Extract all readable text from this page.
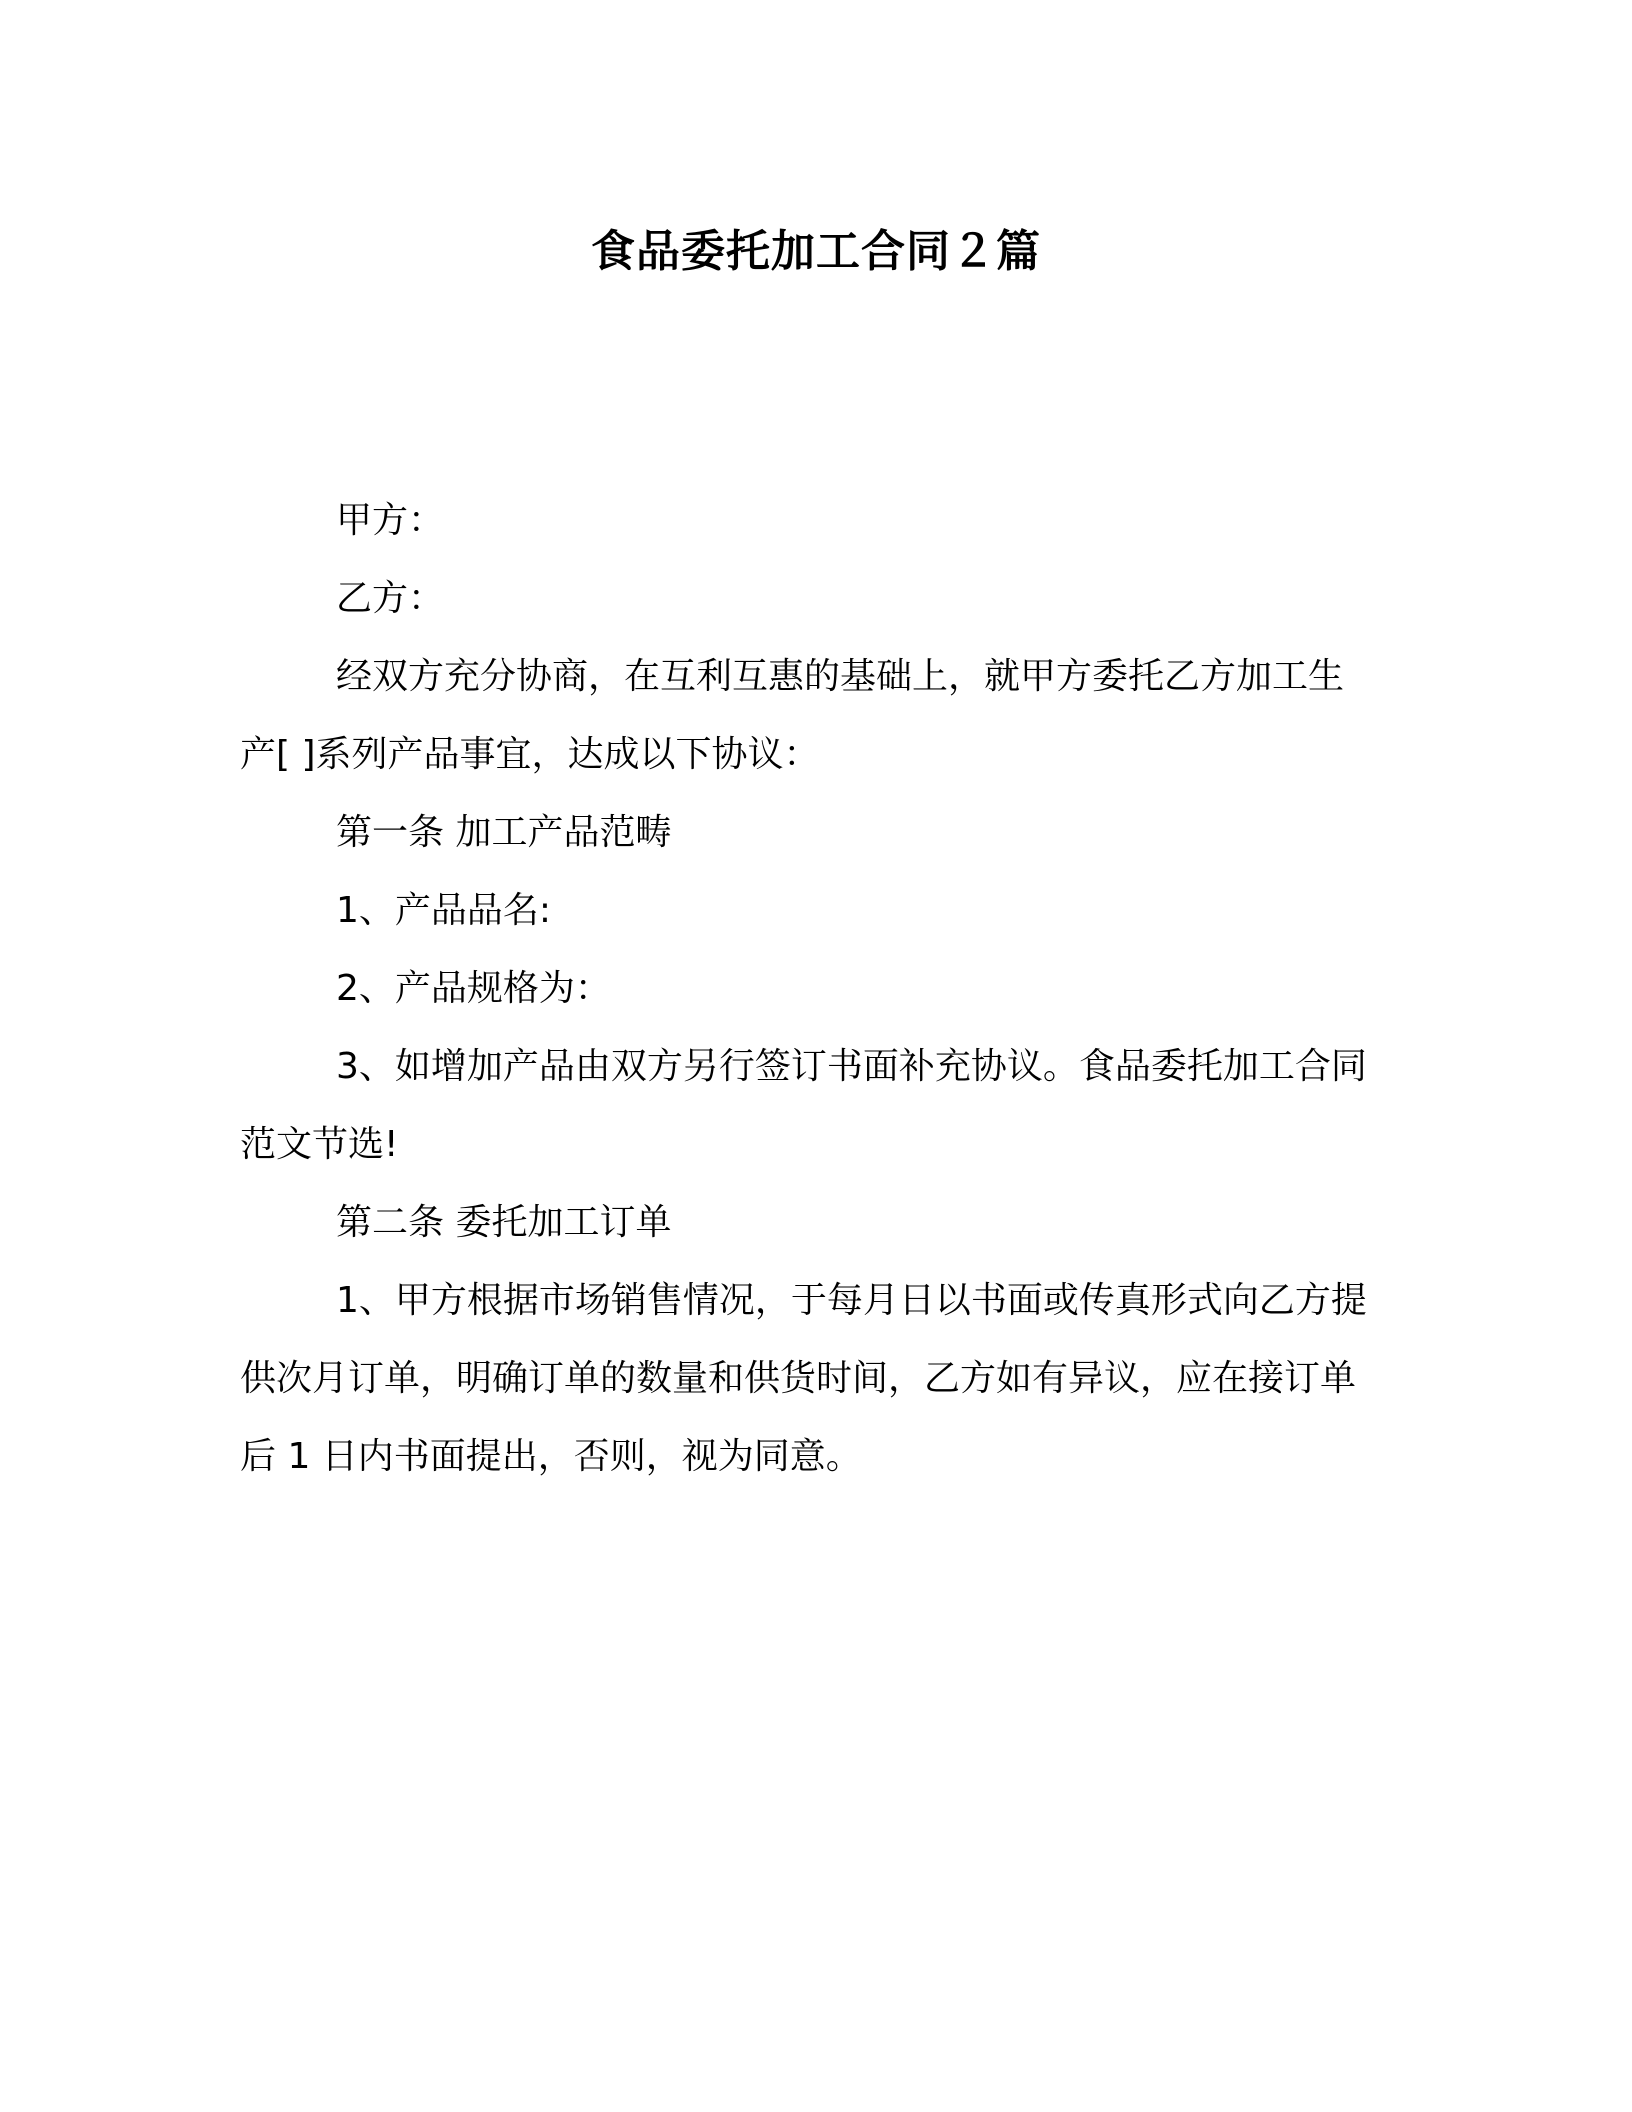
食品委托加工合同２篇

甲方：

乙方：

经双方充分协商，在互利互惠的基础上，就甲方委托乙方加工生产[ ]系列产品事宜，达成以下协议：

第一条 加工产品范畴

1、产品品名:

2、产品规格为：

3、如增加产品由双方另行签订书面补充协议。食品委托加工合同范文节选!

第二条 委托加工订单

1、甲方根据市场销售情况，于每月日以书面或传真形式向乙方提供次月订单，明确订单的数量和供货时间，乙方如有异议，应在接订单后 1 日内书面提出，否则，视为同意。
